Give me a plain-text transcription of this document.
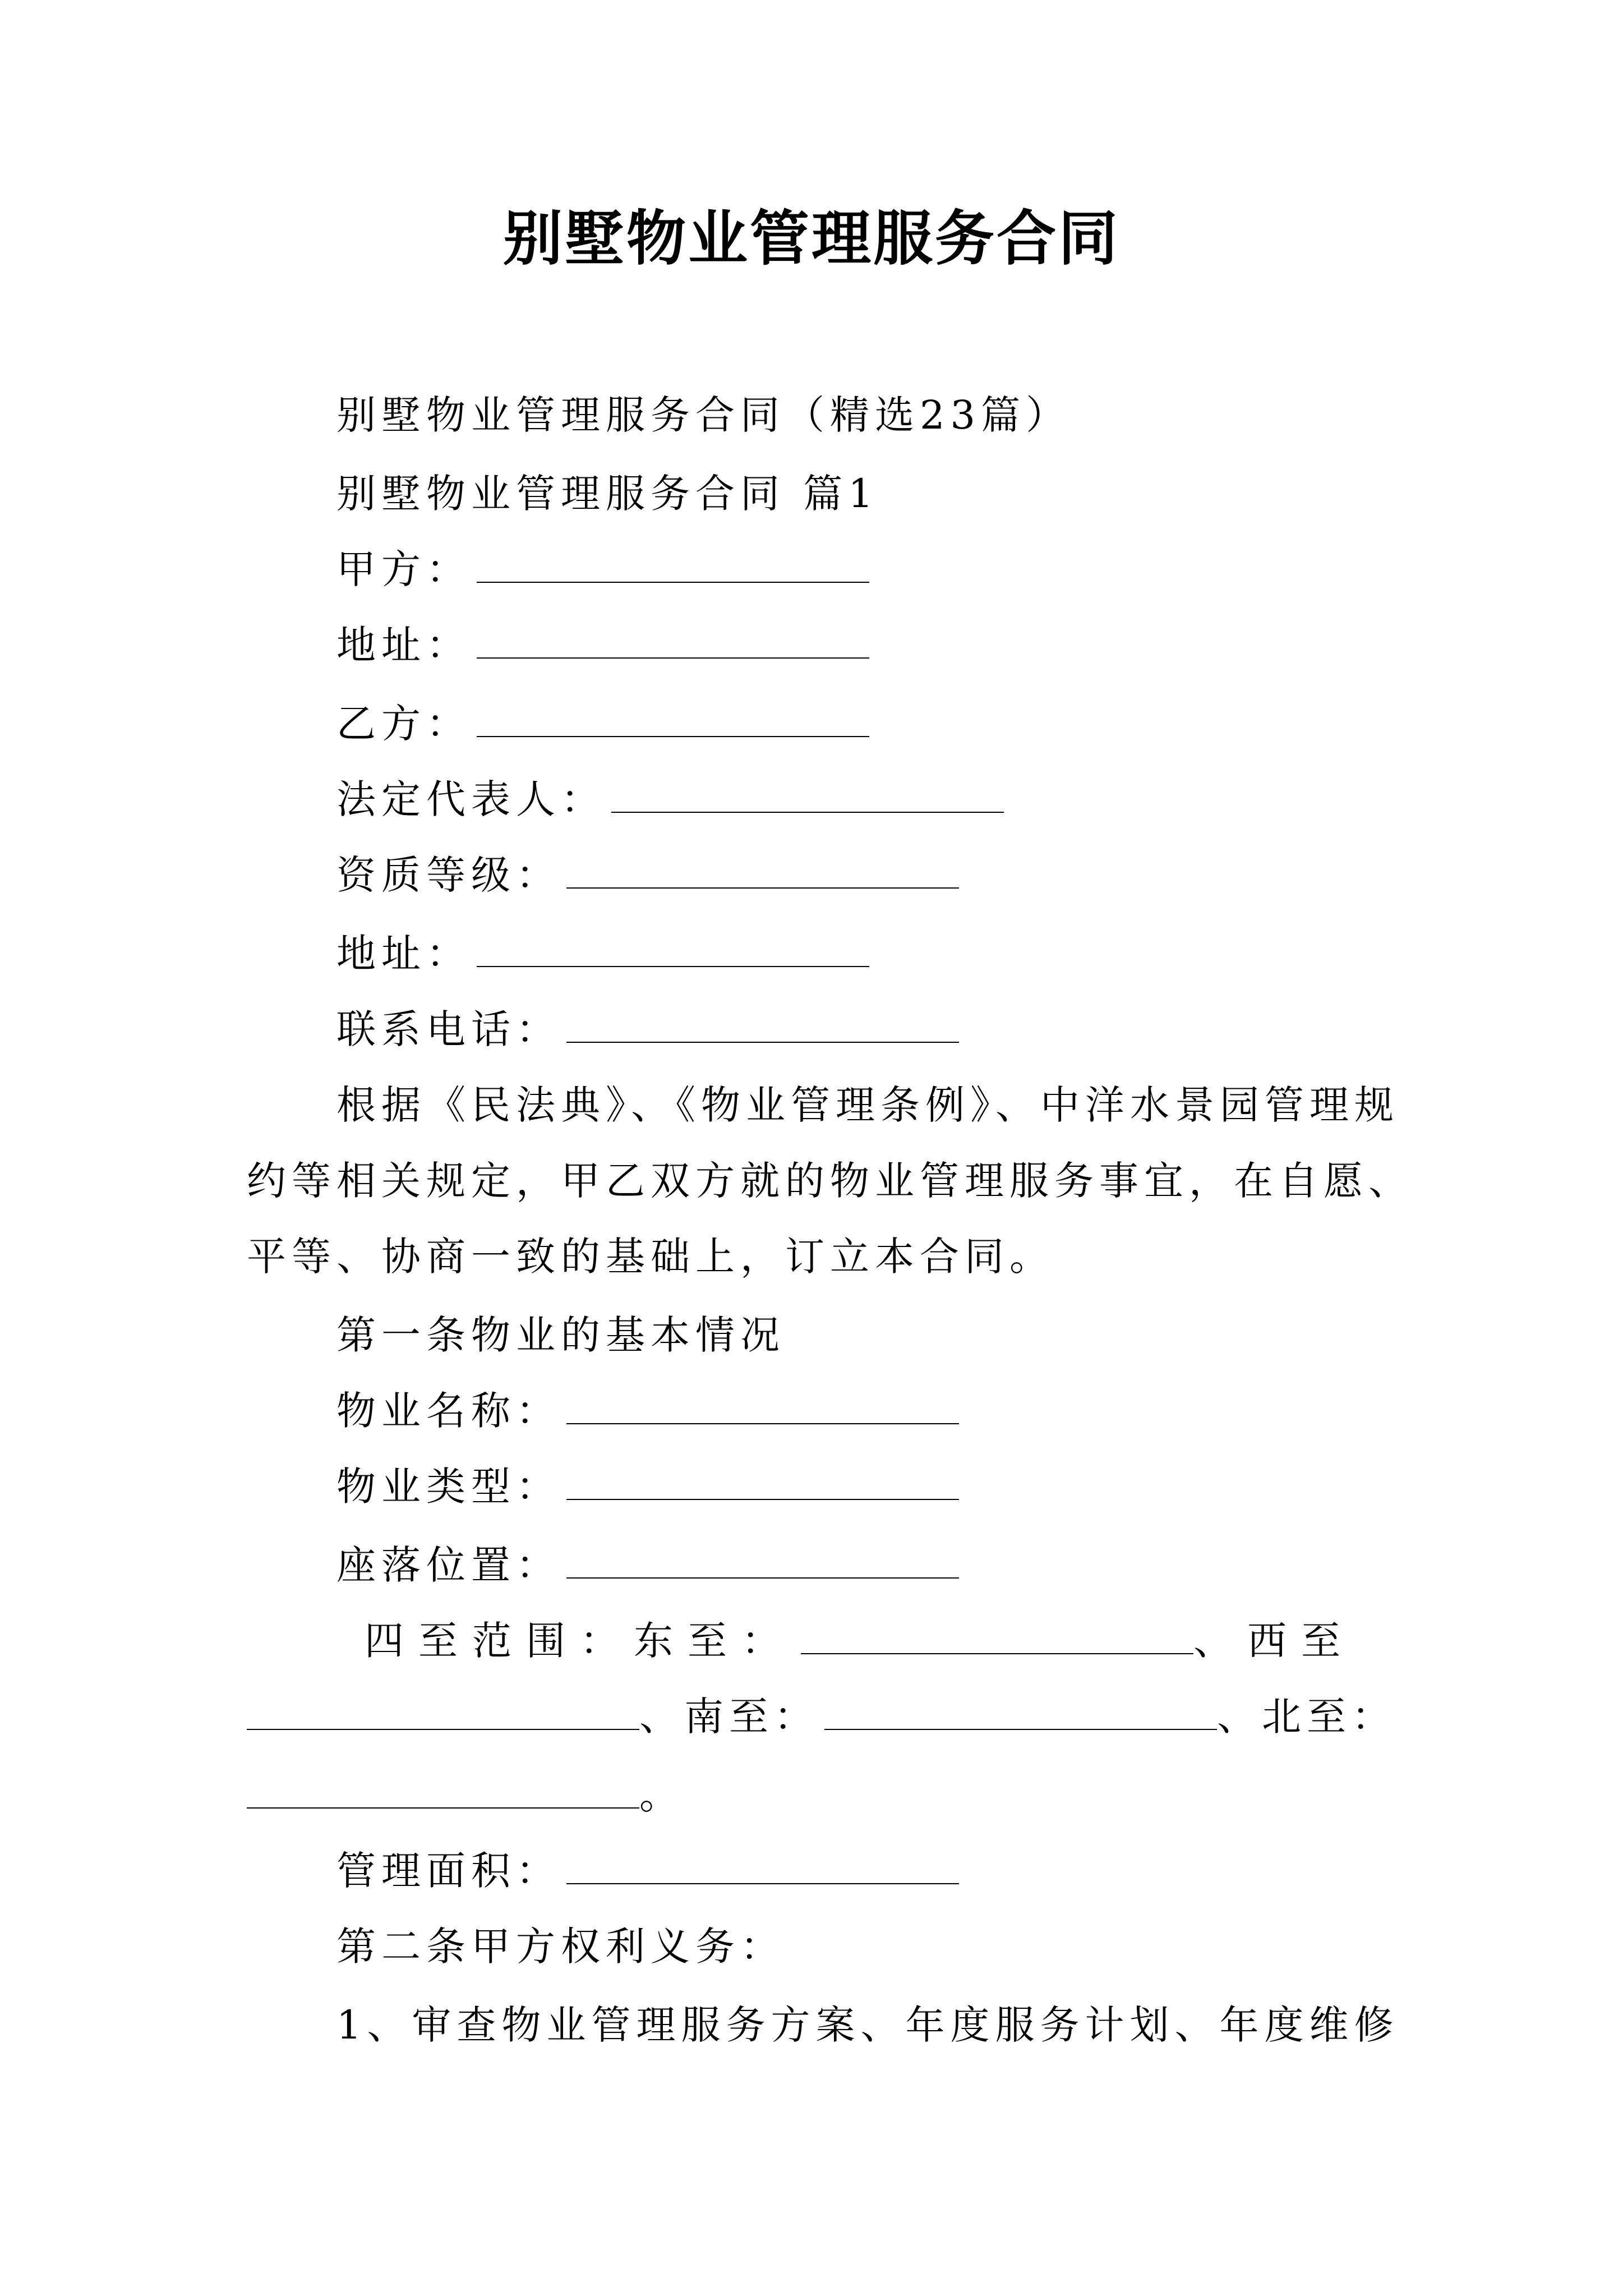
别墅物业管理服务合同
别墅物业管理服务合同（精选23篇）
别墅物业管理服务合同 篇1
甲方：
地址：
乙方：
法定代表人：
资质等级：
地址：
联系电话：
根据《民法典》、《物业管理条例》、中洋水景园管理规
约等相关规定，甲乙双方就的物业管理服务事宜，在自愿、
平等、协商一致的基础上，订立本合同。
第一条物业的基本情况
物业名称：
物业类型：
座落位置：
四至范围：东至：	、西至
、南至：	、北至：
。
管理面积：
第二条甲方权利义务：
1、审查物业管理服务方案、年度服务计划、年度维修
